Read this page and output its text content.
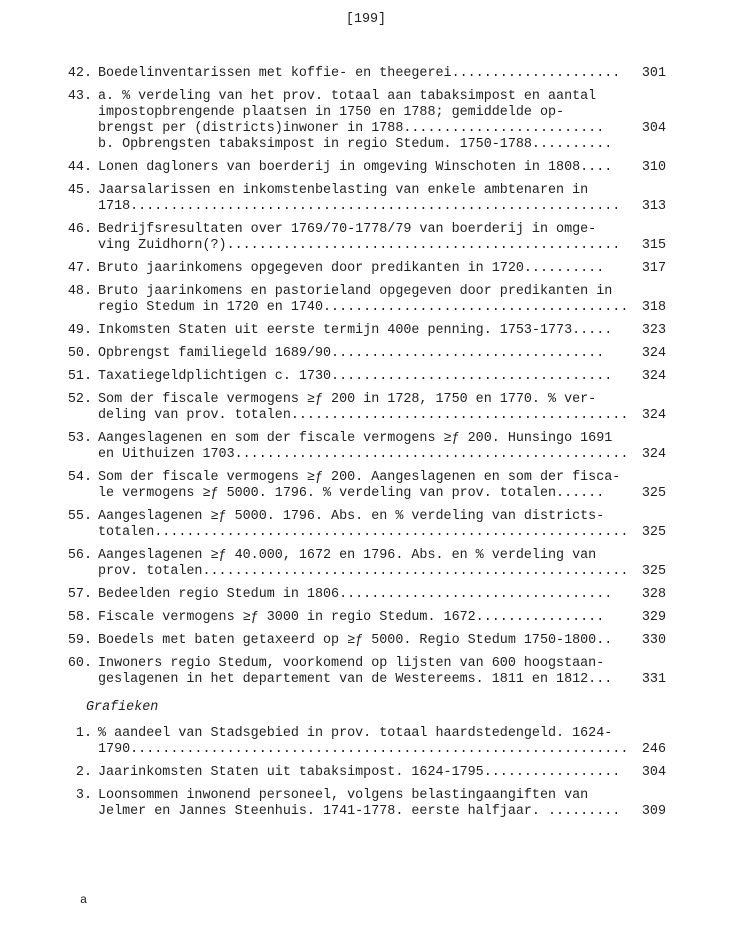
[199]
42. Boedelinventarissen met koffie- en theegerei.....................	301
43. a. % verdeling van het prov. totaal aan tabaksimpost en aantal
impostopbrengende plaatsen in 1750 en 1788; gemiddelde op-
brengst per (districts)inwoner in 1788.........................	304
b. Opbrengsten tabaksimpost in regio Stedum. 1750-1788..........
44. Lonen dagloners van boerderij in omgeving Winschoten in 1808....	310
45. Jaarsalarissen en inkomstenbelasting van enkele ambtenaren in
1718.............................................................	313
46. Bedrijfsresultaten over 1769/70-1778/79 van boerderij in omge-
ving Zuidhorn(?).................................................	315
47. Bruto jaarinkomens opgegeven door predikanten in 1720..........	317
48. Bruto jaarinkomens en pastorieland opgegeven door predikanten in
regio Stedum in 1720 en 1740......................................	318
49. Inkomsten Staten uit eerste termijn 400e penning. 1753-1773.....	323
50. Opbrengst familiegeld 1689/90..................................	324
51. Taxatiegeldplichtigen c. 1730...................................	324
52. Som der fiscale vermogens ≥ƒ 200 in 1728, 1750 en 1770. % ver-
deling van prov. totalen..........................................	324
53. Aangeslagenen en som der fiscale vermogens ≥ƒ 200. Hunsingo 1691
en Uithuizen 1703.................................................	324
54. Som der fiscale vermogens ≥ƒ 200. Aangeslagenen en som der fisca-
le vermogens ≥ƒ 5000. 1796. % verdeling van prov. totalen......	325
55. Aangeslagenen ≥ƒ 5000. 1796. Abs. en % verdeling van districts-
totalen...........................................................	325
56. Aangeslagenen ≥ƒ 40.000, 1672 en 1796. Abs. en % verdeling van
prov. totalen.....................................................	325
57. Bedeelden regio Stedum in 1806..................................	328
58. Fiscale vermogens ≥ƒ 3000 in regio Stedum. 1672................	329
59. Boedels met baten getaxeerd op ≥ƒ 5000. Regio Stedum 1750-1800..	330
60. Inwoners regio Stedum, voorkomend op lijsten van 600 hoogstaan-
geslagenen in het departement van de Westereems. 1811 en 1812...	331
Grafieken
1. % aandeel van Stadsgebied in prov. totaal haardstedengeld. 1624-
1790..............................................................	246
2. Jaarinkomsten Staten uit tabaksimpost. 1624-1795.................	304
3. Loonsommen inwonend personeel, volgens belastingaangiften van
Jelmer en Jannes Steenhuis. 1741-1778. eerste halfjaar. .........	309
a
